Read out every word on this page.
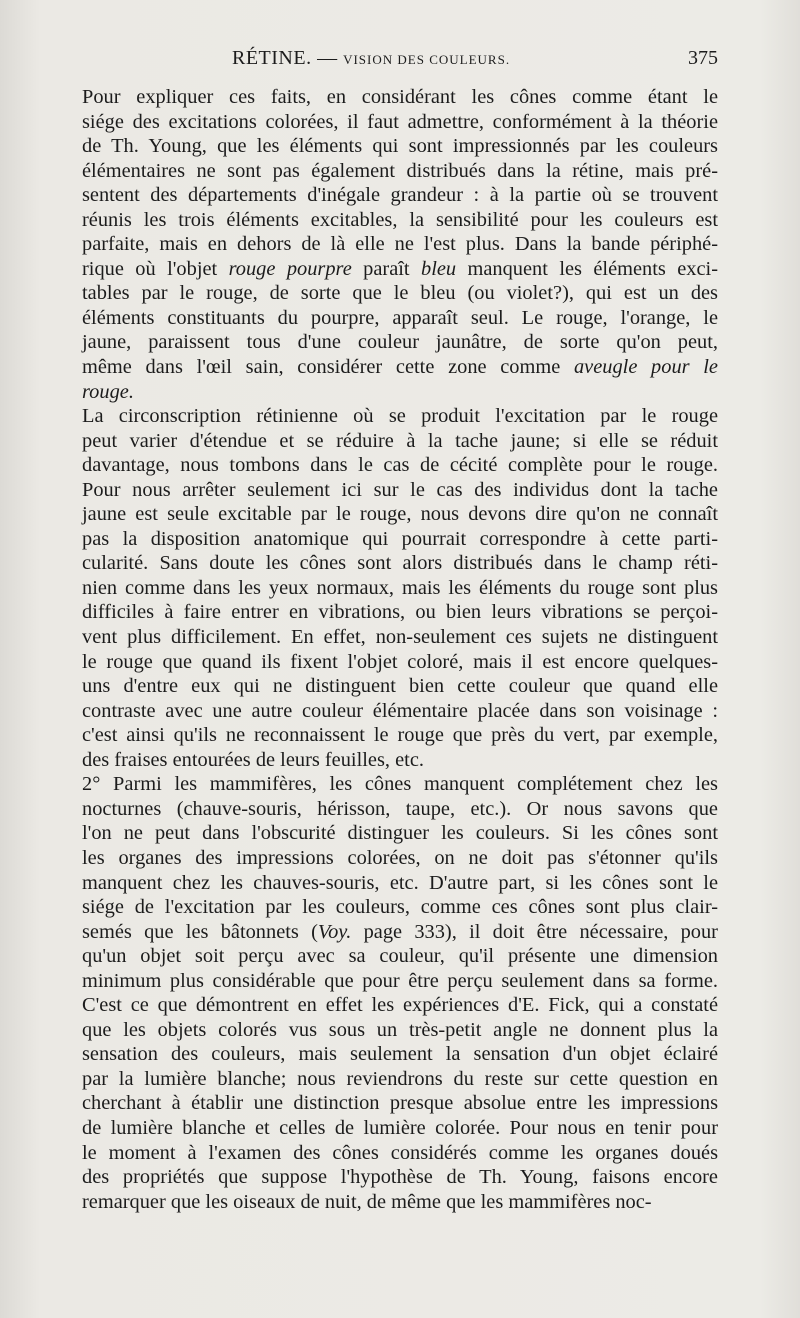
RÉTINE. — VISION DES COULEURS.	375

Pour expliquer ces faits, en considérant les cônes comme étant le
siége des excitations colorées, il faut admettre, conformément à la théorie
de Th. Young, que les éléments qui sont impressionnés par les couleurs
élémentaires ne sont pas également distribués dans la rétine, mais pré-
sentent des départements d'inégale grandeur : à la partie où se trouvent
réunis les trois éléments excitables, la sensibilité pour les couleurs est
parfaite, mais en dehors de là elle ne l'est plus. Dans la bande périphé-
rique où l'objet rouge pourpre paraît bleu manquent les éléments exci-
tables par le rouge, de sorte que le bleu (ou violet?), qui est un des
éléments constituants du pourpre, apparaît seul. Le rouge, l'orange, le
jaune, paraissent tous d'une couleur jaunâtre, de sorte qu'on peut,
même dans l'œil sain, considérer cette zone comme aveugle pour le
rouge.

La circonscription rétinienne où se produit l'excitation par le rouge
peut varier d'étendue et se réduire à la tache jaune; si elle se réduit
davantage, nous tombons dans le cas de cécité complète pour le rouge.
Pour nous arrêter seulement ici sur le cas des individus dont la tache
jaune est seule excitable par le rouge, nous devons dire qu'on ne connaît
pas la disposition anatomique qui pourrait correspondre à cette parti-
cularité. Sans doute les cônes sont alors distribués dans le champ réti-
nien comme dans les yeux normaux, mais les éléments du rouge sont plus
difficiles à faire entrer en vibrations, ou bien leurs vibrations se perçoi-
vent plus difficilement. En effet, non-seulement ces sujets ne distinguent
le rouge que quand ils fixent l'objet coloré, mais il est encore quelques-
uns d'entre eux qui ne distinguent bien cette couleur que quand elle
contraste avec une autre couleur élémentaire placée dans son voisinage :
c'est ainsi qu'ils ne reconnaissent le rouge que près du vert, par exemple,
des fraises entourées de leurs feuilles, etc.

2° Parmi les mammifères, les cônes manquent complétement chez les
nocturnes (chauve-souris, hérisson, taupe, etc.). Or nous savons que
l'on ne peut dans l'obscurité distinguer les couleurs. Si les cônes sont
les organes des impressions colorées, on ne doit pas s'étonner qu'ils
manquent chez les chauves-souris, etc. D'autre part, si les cônes sont le
siége de l'excitation par les couleurs, comme ces cônes sont plus clair-
semés que les bâtonnets (Voy. page 333), il doit être nécessaire, pour
qu'un objet soit perçu avec sa couleur, qu'il présente une dimension
minimum plus considérable que pour être perçu seulement dans sa forme.
C'est ce que démontrent en effet les expériences d'E. Fick, qui a constaté
que les objets colorés vus sous un très-petit angle ne donnent plus la
sensation des couleurs, mais seulement la sensation d'un objet éclairé
par la lumière blanche; nous reviendrons du reste sur cette question en
cherchant à établir une distinction presque absolue entre les impressions
de lumière blanche et celles de lumière colorée. Pour nous en tenir pour
le moment à l'examen des cônes considérés comme les organes doués
des propriétés que suppose l'hypothèse de Th. Young, faisons encore
remarquer que les oiseaux de nuit, de même que les mammifères noc-
